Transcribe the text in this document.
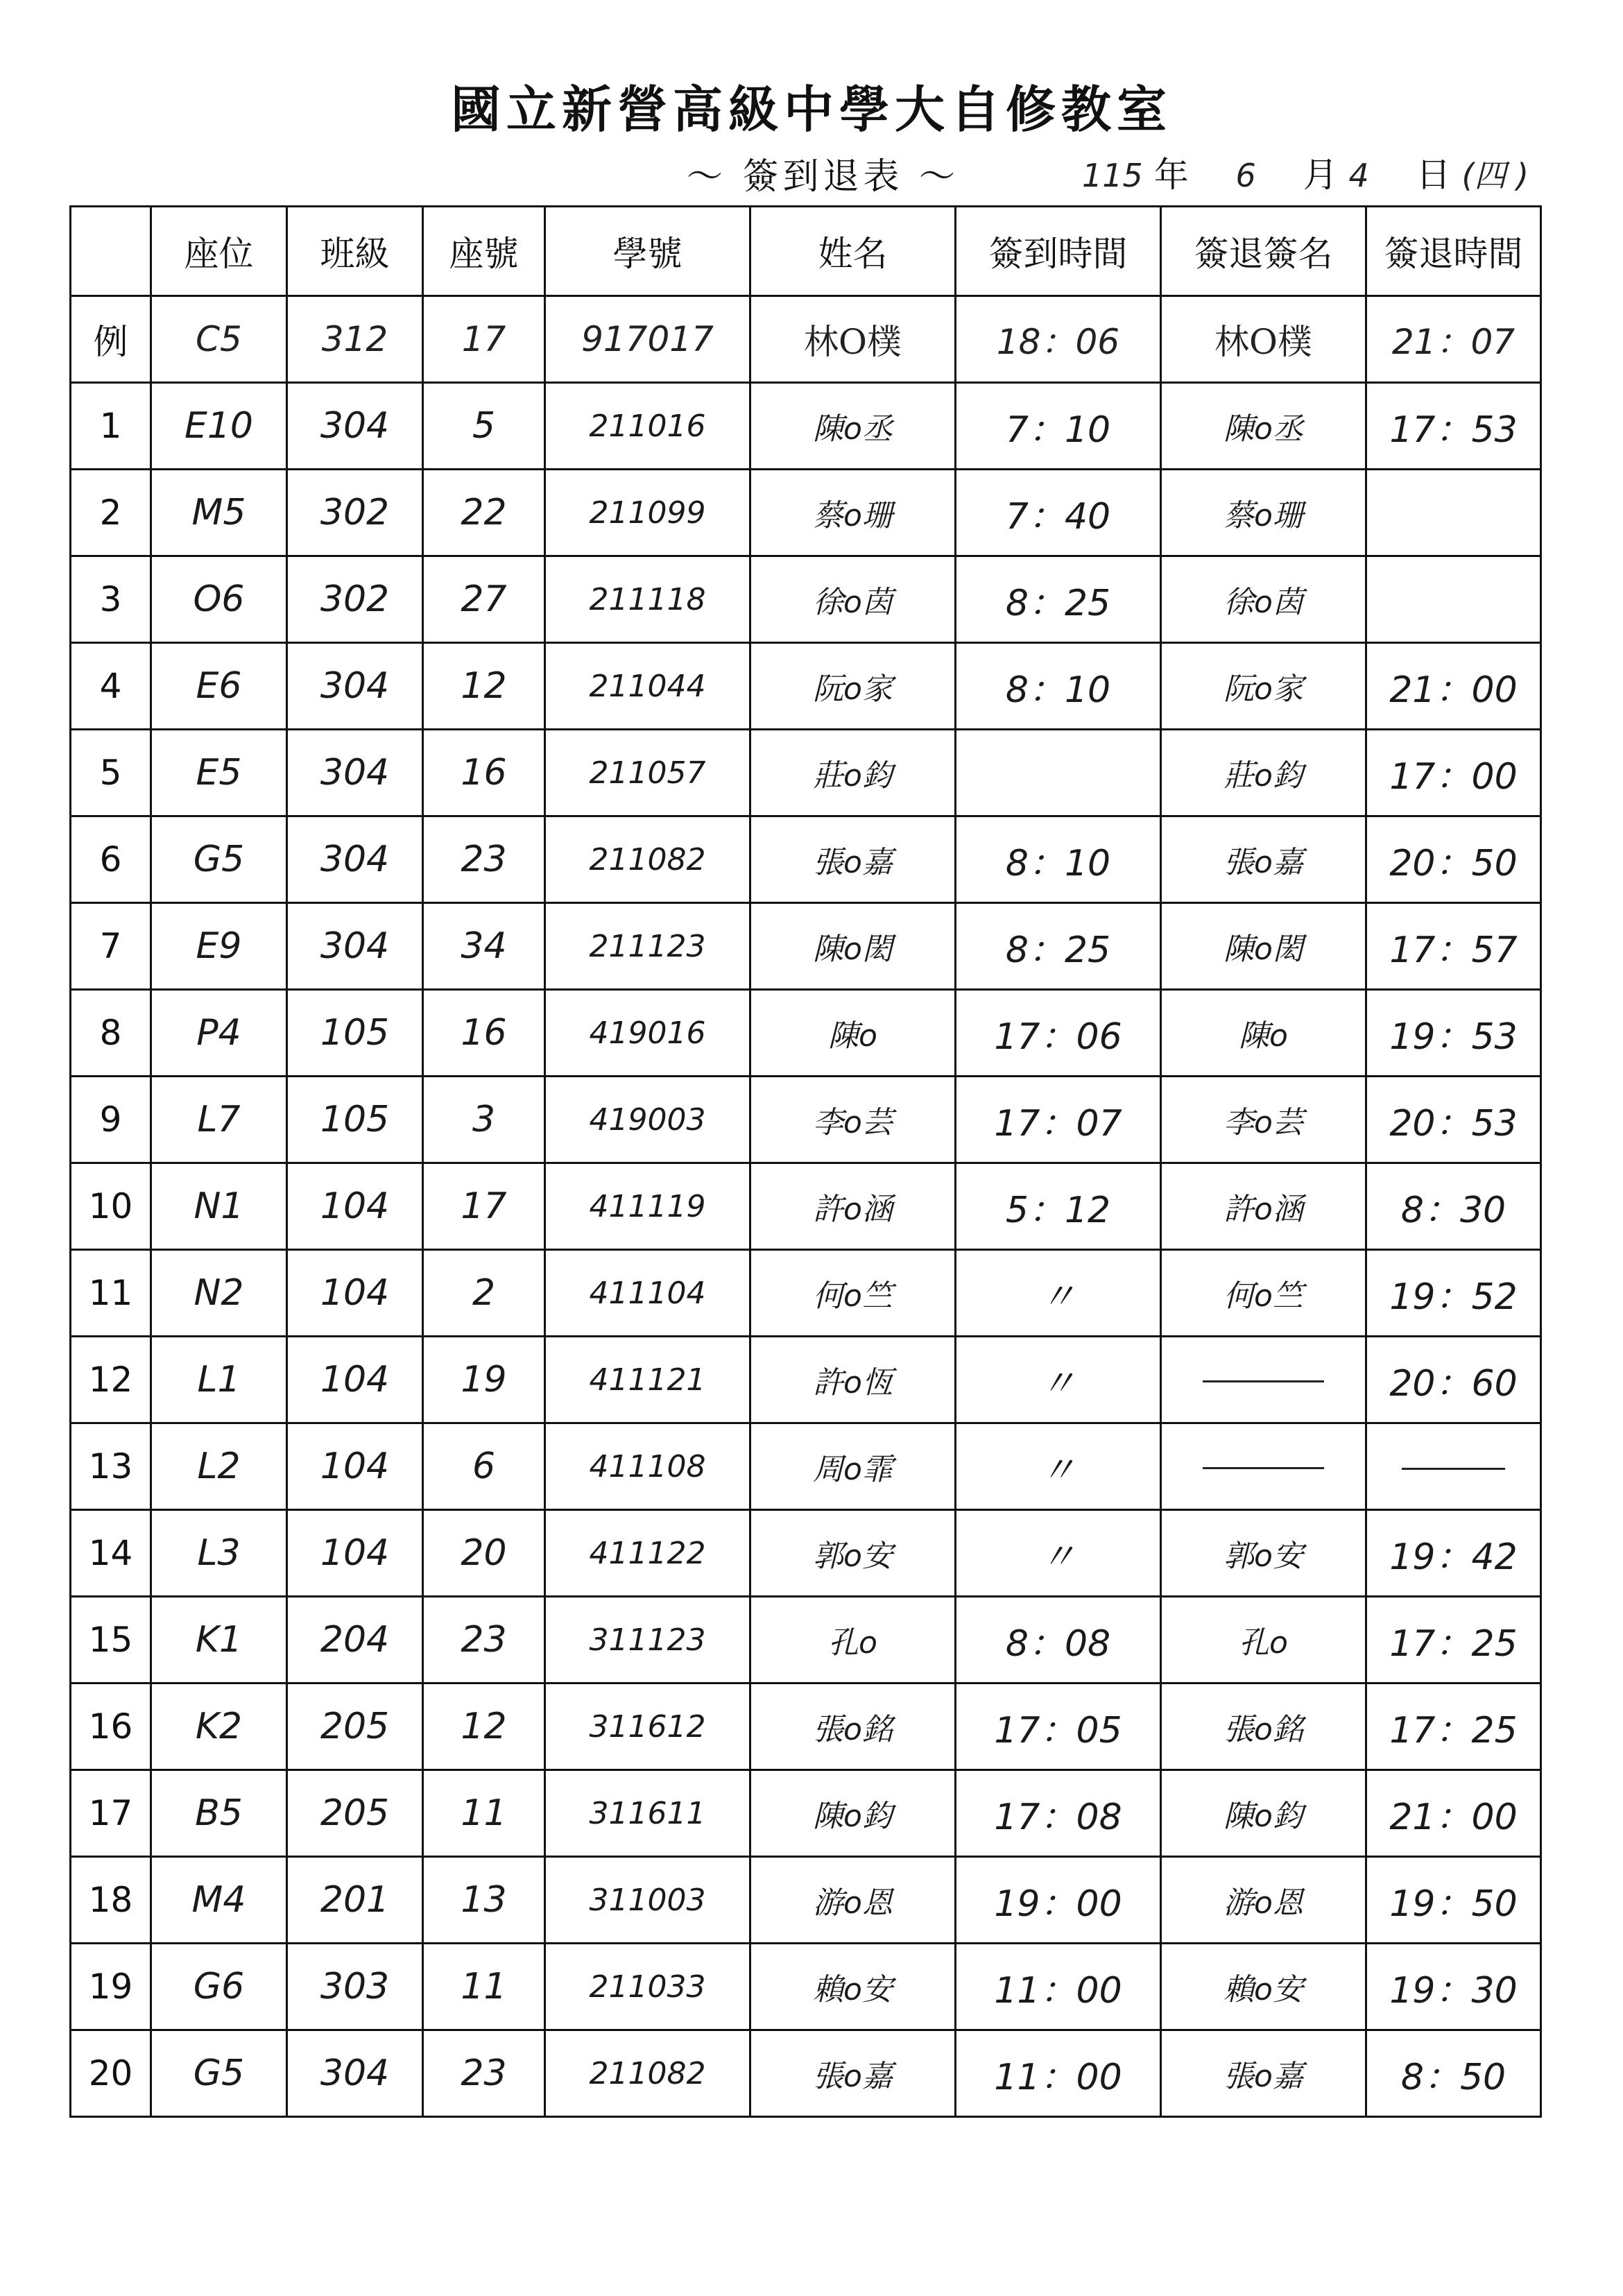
國立新營高級中學大自修教室
～ 簽到退表 ～	115 年 6 月 4 日 (四 )
	座位	班級	座號	學號	姓名	簽到時間	簽退簽名	簽退時間
例	C5	312	17	917017	林O樸	18：06	林O樸	21：07
1	E10	304	5	211016	陳o丞	7：10	陳o丞	17：53
2	M5	302	22	211099	蔡o珊	7：40	蔡o珊	
3	O6	302	27	211118	徐o茵	8：25	徐o茵	
4	E6	304	12	211044	阮o家	8：10	阮o家	21：00
5	E5	304	16	211057	莊o鈞		莊o鈞	17：00
6	G5	304	23	211082	張o嘉	8：10	張o嘉	20：50
7	E9	304	34	211123	陳o閎	8：25	陳o閎	17：57
8	P4	105	16	419016	陳o	17：06	陳o	19：53
9	L7	105	3	419003	李o芸	17：07	李o芸	20：53
10	N1	104	17	411119	許o涵	5：12	許o涵	8：30
11	N2	104	2	411104	何o竺	〃	何o竺	19：52
12	L1	104	19	411121	許o恆	〃		20：60
13	L2	104	6	411108	周o霏	〃		
14	L3	104	20	411122	郭o安	〃	郭o安	19：42
15	K1	204	23	311123	孔o	8：08	孔o	17：25
16	K2	205	12	311612	張o銘	17：05	張o銘	17：25
17	B5	205	11	311611	陳o鈞	17：08	陳o鈞	21：00
18	M4	201	13	311003	游o恩	19：00	游o恩	19：50
19	G6	303	11	211033	賴o安	11：00	賴o安	19：30
20	G5	304	23	211082	張o嘉	11：00	張o嘉	8：50
